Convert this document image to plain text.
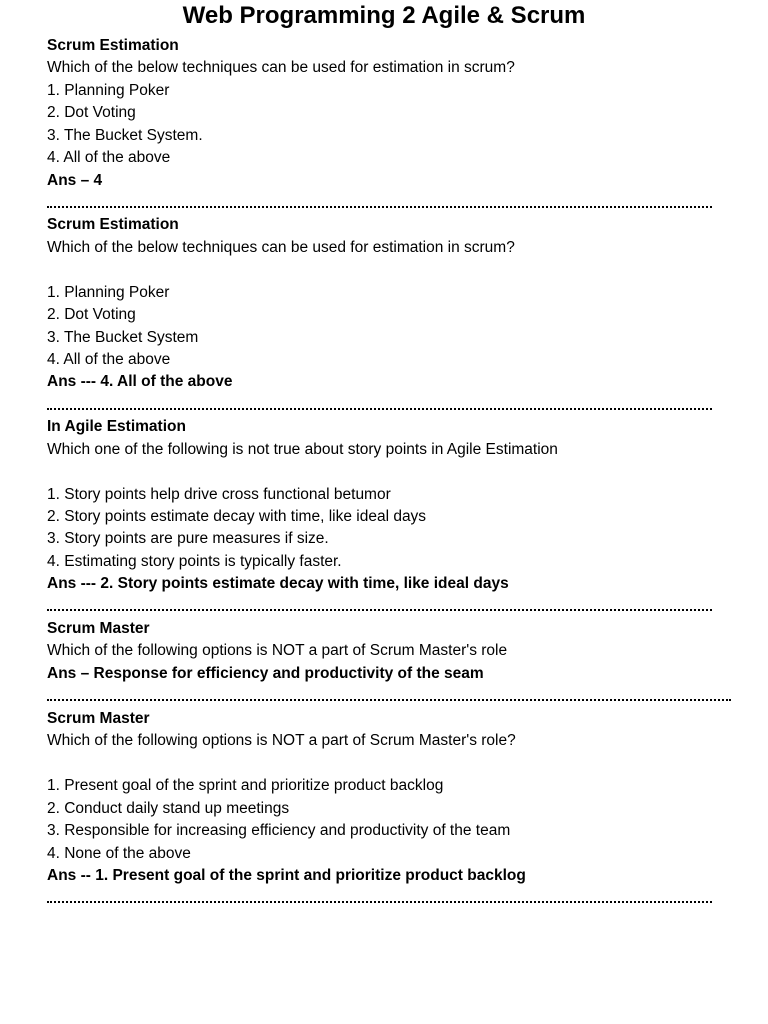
Web Programming 2 Agile & Scrum
Scrum Estimation
Which of the below techniques can be used for estimation in scrum?
1. Planning Poker
2. Dot Voting
3. The Bucket System.
4. All of the above
Ans – 4
Scrum Estimation
Which of the below techniques can be used for estimation in scrum?
1. Planning Poker
2. Dot Voting
3. The Bucket System
4. All of the above
Ans --- 4. All of the above
In Agile Estimation
Which one of the following is not true about story points in Agile Estimation
1. Story points help drive cross functional betumor
2. Story points estimate decay with time, like ideal days
3. Story points are pure measures if size.
4. Estimating story points is typically faster.
Ans --- 2. Story points estimate decay with time, like ideal days
Scrum Master
Which of the following options is NOT a part of Scrum Master's role
Ans – Response for efficiency and productivity of the seam
Scrum Master
Which of the following options is NOT a part of Scrum Master's role?
1. Present goal of the sprint and prioritize product backlog
2. Conduct daily stand up meetings
3. Responsible for increasing efficiency and productivity of the team
4. None of the above
Ans -- 1. Present goal of the sprint and prioritize product backlog
